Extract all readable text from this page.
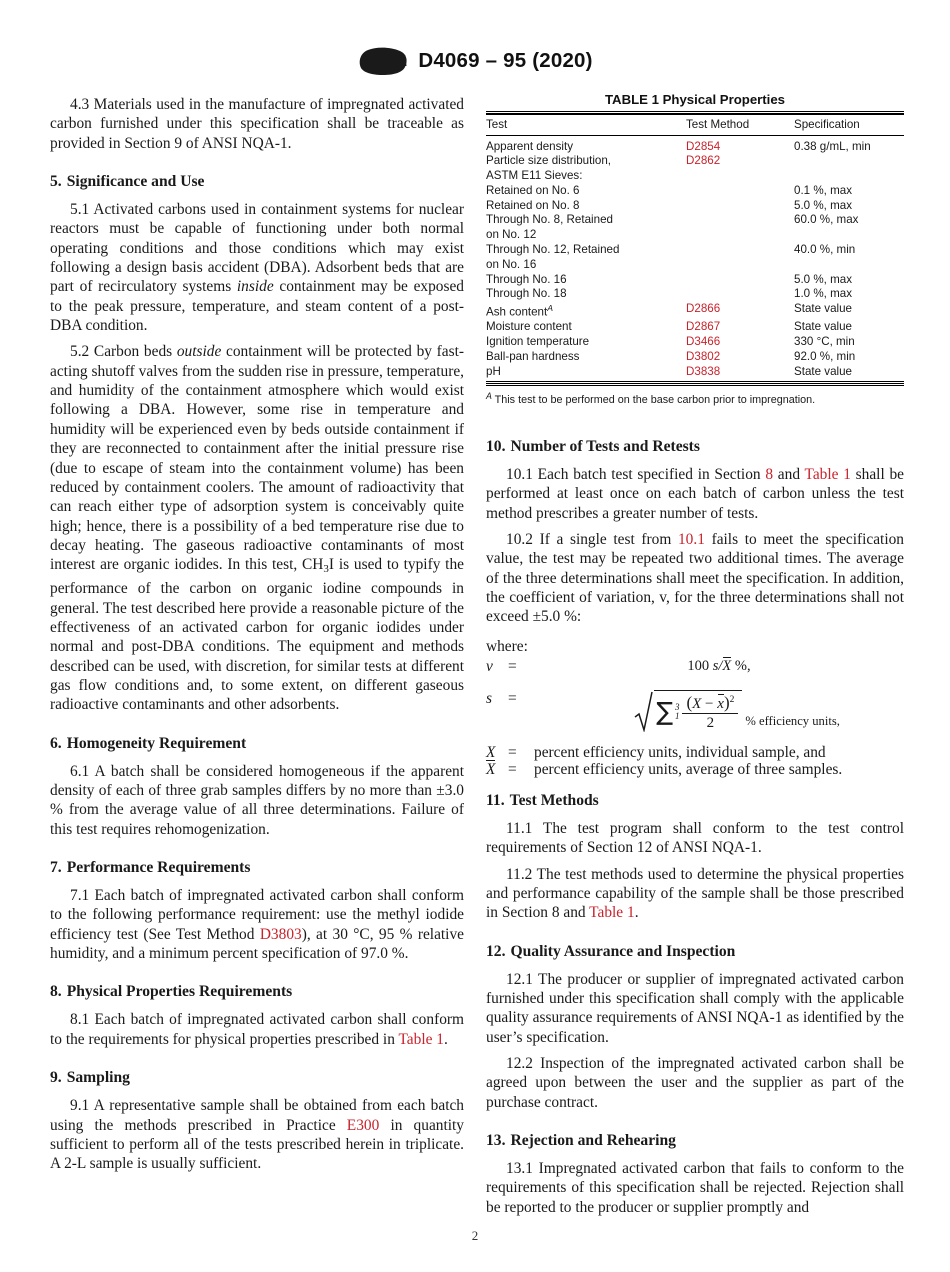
D4069 – 95 (2020)

4.3 Materials used in the manufacture of impregnated activated carbon furnished under this specification shall be traceable as provided in Section 9 of ANSI NQA-1.

5. Significance and Use

5.1 Activated carbons used in containment systems for nuclear reactors must be capable of functioning under both normal operating conditions and those conditions which may exist following a design basis accident (DBA). Adsorbent beds that are part of recirculatory systems inside containment may be exposed to the peak pressure, temperature, and steam content of a post-DBA condition.

5.2 Carbon beds outside containment will be protected by fast-acting shutoff valves from the sudden rise in pressure, temperature, and humidity of the containment atmosphere which would exist following a DBA. However, some rise in temperature and humidity will be experienced even by beds outside containment if they are reconnected to containment after the initial pressure rise (due to escape of steam into the containment volume) has been reduced by containment coolers. The amount of radioactivity that can reach either type of adsorption system is conceivably quite high; hence, there is a possibility of a bed temperature rise due to decay heating. The gaseous radioactive contaminants of most interest are organic iodides. In this test, $CH_3I$ is used to typify the performance of the carbon on organic iodine compounds in general. The test described here provide a reasonable picture of the effectiveness of an activated carbon for organic iodides under normal and post-DBA conditions. The equipment and methods described can be used, with discretion, for similar tests at different gas flow conditions and, to some extent, on different gaseous radioactive contaminants and other adsorbents.

6. Homogeneity Requirement

6.1 A batch shall be considered homogeneous if the apparent density of each of three grab samples differs by no more than ±3.0 % from the average value of all three determinations. Failure of this test requires rehomogenization.

7. Performance Requirements

7.1 Each batch of impregnated activated carbon shall conform to the following performance requirement: use the methyl iodide efficiency test (See Test Method D3803), at 30 °C, 95 % relative humidity, and a minimum percent specification of 97.0 %.

8. Physical Properties Requirements

8.1 Each batch of impregnated activated carbon shall conform to the requirements for physical properties prescribed in Table 1.

9. Sampling

9.1 A representative sample shall be obtained from each batch using the methods prescribed in Practice E300 in quantity sufficient to perform all of the tests prescribed herein in triplicate. A 2-L sample is usually sufficient.

TABLE 1 Physical Properties

Test	Test Method	Specification
Apparent density	D2854	0.38 g/mL, min
Particle size distribution,	D2862	
ASTM E11 Sieves:		
Retained on No. 6		0.1 %, max
Retained on No. 8		5.0 %, max
Through No. 8, Retained		60.0 %, max
on No. 12		
Through No. 12, Retained		40.0 %, min
on No. 16		
Through No. 16		5.0 %, max
Through No. 18		1.0 %, max
Ash content$^A$	D2866	State value
Moisture content	D2867	State value
Ignition temperature	D3466	330 °C, min
Ball-pan hardness	D3802	92.0 %, min
pH	D3838	State value
$^A$ This test to be performed on the base carbon prior to impregnation.
10. Number of Tests and Retests

10.1 Each batch test specified in Section 8 and Table 1 shall be performed at least once on each batch of carbon unless the test method prescribes a greater number of tests.

10.2 If a single test from 10.1 fails to meet the specification value, the test may be repeated two additional times. The average of the three determinations shall meet the specification. In addition, the coefficient of variation, v, for the three determinations shall not exceed ±5.0 %:

where:
v =	100 s/X %,
s	=	∑ 3
$1 \frac{(X - x)^2}{2}$ % efficiency units,
X =	percent efficiency units, individual sample, and
X =	percent efficiency units, average of three samples.
11. Test Methods

11.1 The test program shall conform to the test control requirements of Section 12 of ANSI NQA-1.

11.2 The test methods used to determine the physical properties and performance capability of the sample shall be those prescribed in Section 8 and Table 1.

12. Quality Assurance and Inspection

12.1 The producer or supplier of impregnated activated carbon furnished under this specification shall comply with the applicable quality assurance requirements of ANSI NQA-1 as identified by the user’s specification.

12.2 Inspection of the impregnated activated carbon shall be agreed upon between the user and the supplier as part of the purchase contract.

13. Rejection and Rehearing

13.1 Impregnated activated carbon that fails to conform to the requirements of this specification shall be rejected. Rejection shall be reported to the producer or supplier promptly and

2
